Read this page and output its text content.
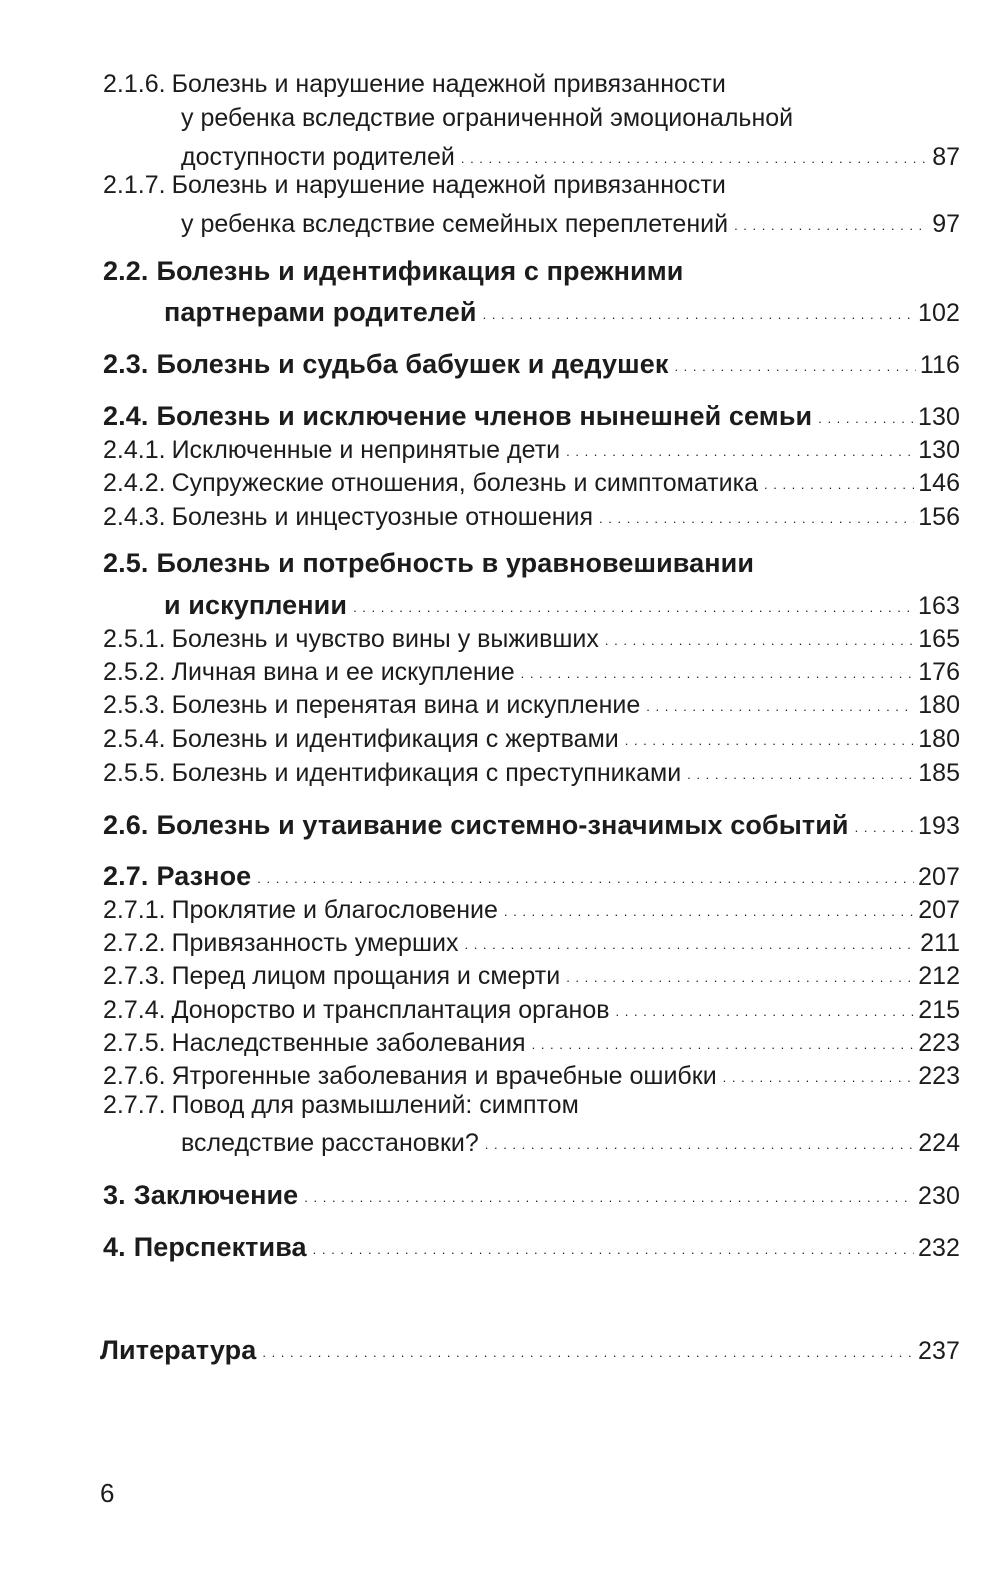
2.1.6. Болезнь и нарушение надежной привязанности
у ребенка вследствие ограниченной эмоциональной
доступности родителей . . .	87
2.1.7. Болезнь и нарушение надежной привязанности
у ребенка вследствие семейных переплетений . . .	97
2.2. Болезнь и идентификация с прежними
партнерами родителей . . .	102
2.3. Болезнь и судьба бабушек и дедушек . . .	116
2.4. Болезнь и исключение членов нынешней семьи . . .	130
2.4.1. Исключенные и непринятые дети . . .	130
2.4.2. Супружеские отношения, болезнь и симптоматика . . .	146
2.4.3. Болезнь и инцестуозные отношения . . .	156
2.5. Болезнь и потребность в уравновешивании
и искуплении . . .	163
2.5.1. Болезнь и чувство вины у выживших . . .	165
2.5.2. Личная вина и ее искупление . . .	176
2.5.3. Болезнь и перенятая вина и искупление . . .	180
2.5.4. Болезнь и идентификация с жертвами . . .	180
2.5.5. Болезнь и идентификация с преступниками . . .	185
2.6. Болезнь и утаивание системно-значимых событий . . .	193
2.7. Разное . . .	207
2.7.1. Проклятие и благословение . . .	207
2.7.2. Привязанность умерших . . .	211
2.7.3. Перед лицом прощания и смерти . . .	212
2.7.4. Донорство и трансплантация органов . . .	215
2.7.5. Наследственные заболевания . . .	223
2.7.6. Ятрогенные заболевания и врачебные ошибки . . .	223
2.7.7. Повод для размышлений: симптом
вследствие расстановки? . . .	224
3. Заключение . . .	230
4. Перспектива . . .	232
Литература . . .	237
6
